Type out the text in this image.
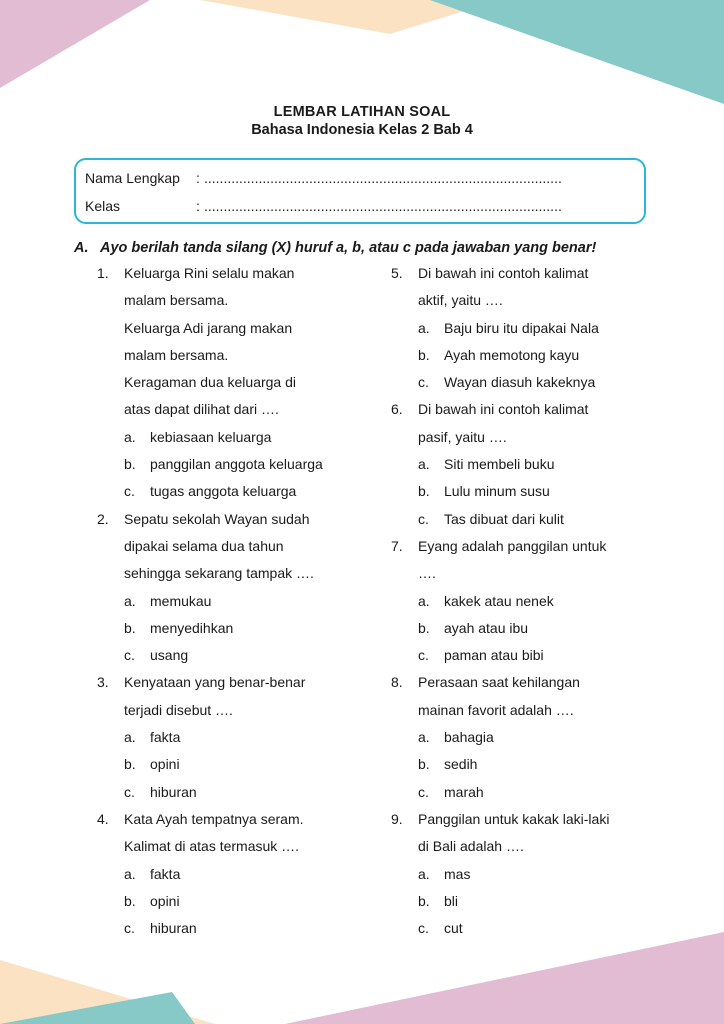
LEMBAR LATIHAN SOAL
Bahasa Indonesia Kelas 2 Bab 4
Nama Lengkap : ............................................................................................
Kelas	: ............................................................................................
A. Ayo berilah tanda silang (X) huruf a, b, atau c pada jawaban yang benar!
1. Keluarga Rini selalu makan
malam bersama.
Keluarga Adi jarang makan
malam bersama.
Keragaman dua keluarga di
atas dapat dilihat dari ….
a. kebiasaan keluarga
b. panggilan anggota keluarga
c. tugas anggota keluarga
2. Sepatu sekolah Wayan sudah
dipakai selama dua tahun
sehingga sekarang tampak ….
a. memukau
b. menyedihkan
c. usang
3. Kenyataan yang benar-benar
terjadi disebut ….
a. fakta
b. opini
c. hiburan
4. Kata Ayah tempatnya seram.
Kalimat di atas termasuk ….
a. fakta
b. opini
c. hiburan
5. Di bawah ini contoh kalimat
aktif, yaitu ….
a. Baju biru itu dipakai Nala
b. Ayah memotong kayu
c. Wayan diasuh kakeknya
6. Di bawah ini contoh kalimat
pasif, yaitu ….
a. Siti membeli buku
b. Lulu minum susu
c. Tas dibuat dari kulit
7. Eyang adalah panggilan untuk
….
a. kakek atau nenek
b. ayah atau ibu
c. paman atau bibi
8. Perasaan saat kehilangan
mainan favorit adalah ….
a. bahagia
b. sedih
c. marah
9. Panggilan untuk kakak laki-laki
di Bali adalah ….
a. mas
b. bli
c. cut
